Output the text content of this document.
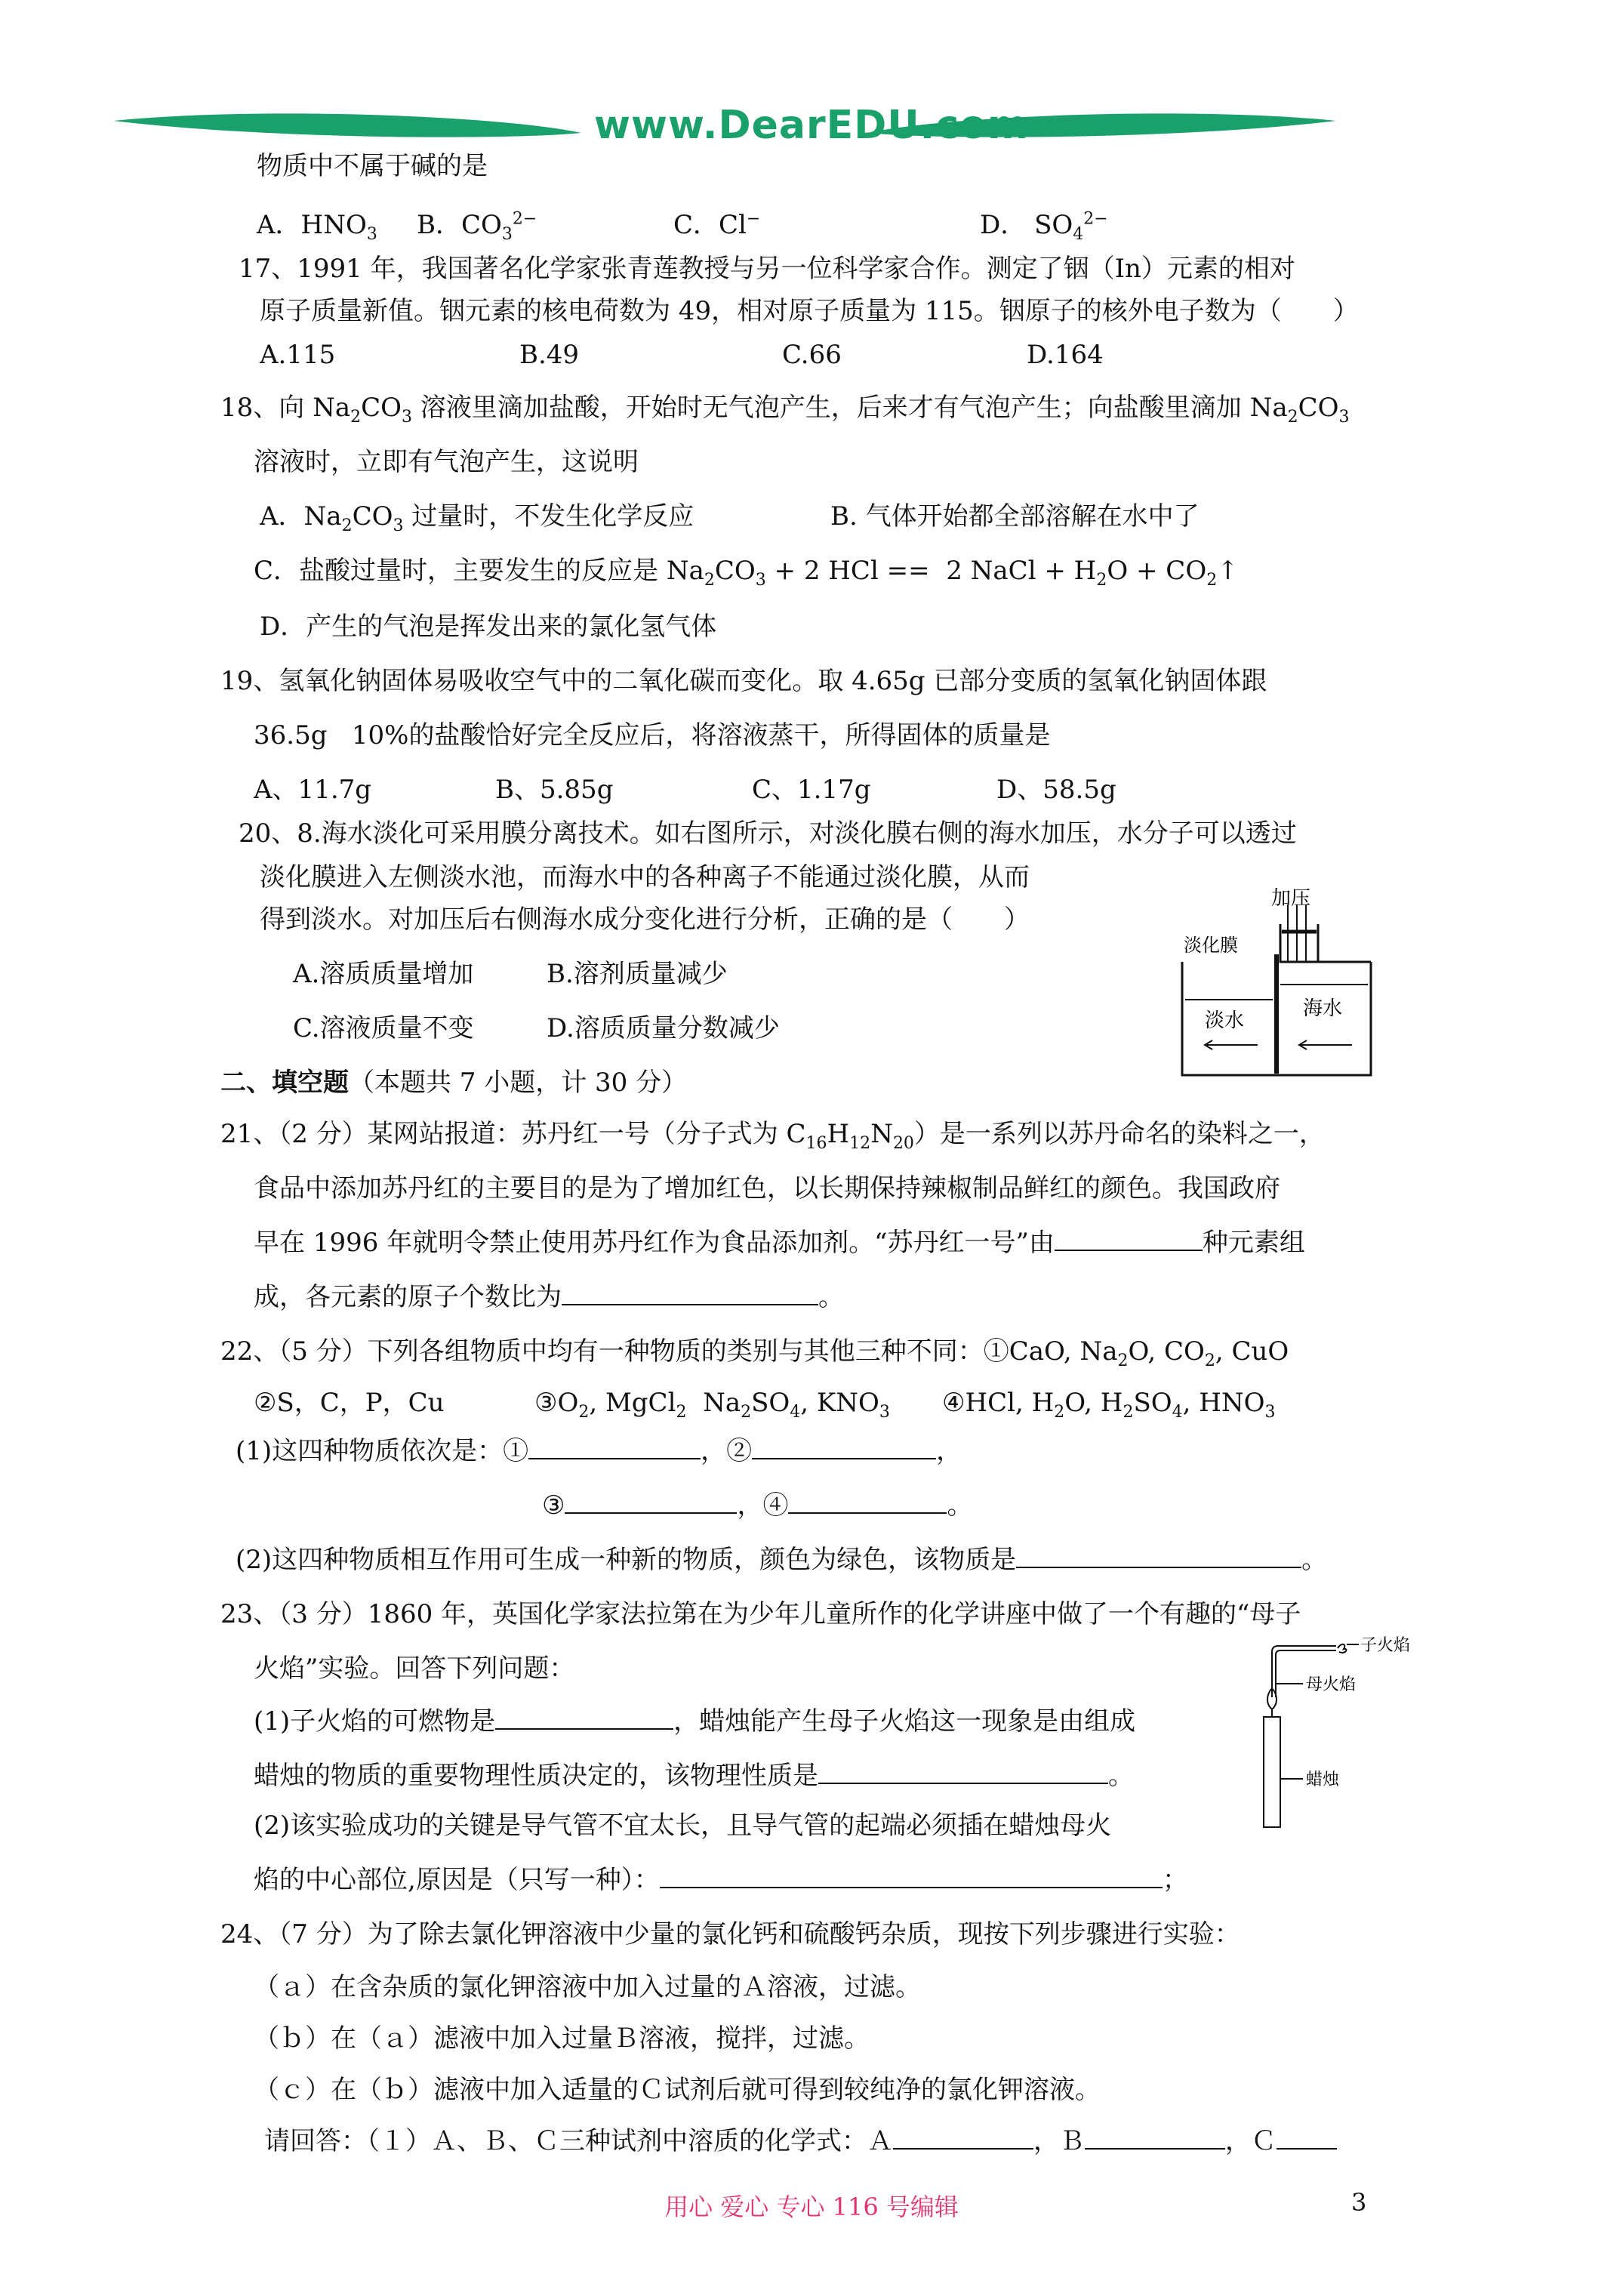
www.DearEDU.com
物质中不属于碱的是
A．$HNO_3$ B．$CO_3^{2-}$	C．Cl−	D． $SO_4^{2-}$
17、1991 年，我国著名化学家张青莲教授与另一位科学家合作。测定了铟（In）元素的相对
原子质量新值。铟元素的核电荷数为 49，相对原子质量为 115。铟原子的核外电子数为（　　）
A.115	B.49	C.66	D.164
18、向 $Na_2CO_3$ 溶液里滴加盐酸，开始时无气泡产生，后来才有气泡产生；向盐酸里滴加 $Na_2CO_3$
溶液时，立即有气泡产生，这说明
A．$Na_2CO_3$ 过量时，不发生化学反应	B. 气体开始都全部溶解在水中了
C．盐酸过量时，主要发生的反应是 $Na_2CO_3 + 2$ HCl ==  2 NaCl + $H_2O$ + $CO_2↑$
D．产生的气泡是挥发出来的氯化氢气体
19、氢氧化钠固体易吸收空气中的二氧化碳而变化。取 4.65g 已部分变质的氢氧化钠固体跟
36.5g   10%的盐酸恰好完全反应后，将溶液蒸干，所得固体的质量是
A、11.7g	B、5.85g	C、1.17g	D、58.5g
20、8.海水淡化可采用膜分离技术。如右图所示，对淡化膜右侧的海水加压，水分子可以透过
淡化膜进入左侧淡水池，而海水中的各种离子不能通过淡化膜，从而
得到淡水。对加压后右侧海水成分变化进行分析，正确的是（　　）
A.溶质质量增加	B.溶剂质量减少
C.溶液质量不变	D.溶质质量分数减少
加压
淡化膜
淡水
海水
二、填空题（本题共 7 小题，计 30 分）
21、（2 分）某网站报道：苏丹红一号（分子式为 $C_{16}H_{12}N_{20}$）是一系列以苏丹命名的染料之一，
食品中添加苏丹红的主要目的是为了增加红色，以长期保持辣椒制品鲜红的颜色。我国政府
早在 1996 年就明令禁止使用苏丹红作为食品添加剂。“苏丹红一号”由	种元素组
成，各元素的原子个数比为	。
22、（5 分）下列各组物质中均有一种物质的类别与其他三种不同：①CaO, $Na_2O$, $CO_2$, CuO
②S，C，P，Cu	$③O_2$, MgCl$_2$  $Na_2SO_4$, $KNO_3$ ④HCl, $H_2O$, $H_2SO_4$, $HNO_3$
(1)这四种物质依次是：①	，②	，
③	，④	。
(2)这四种物质相互作用可生成一种新的物质，颜色为绿色，该物质是	。
23、（3 分）1860 年，英国化学家法拉第在为少年儿童所作的化学讲座中做了一个有趣的“母子
火焰”实验。回答下列问题：
(1)子火焰的可燃物是	，蜡烛能产生母子火焰这一现象是由组成
蜡烛的物质的重要物理性质决定的，该物理性质是	。
(2)该实验成功的关键是导气管不宜太长，且导气管的起端必须插在蜡烛母火
焰的中心部位,原因是（只写一种）：	；
子火焰
母火焰
蜡烛
24、（7 分）为了除去氯化钾溶液中少量的氯化钙和硫酸钙杂质，现按下列步骤进行实验：
（ａ）在含杂质的氯化钾溶液中加入过量的Ａ溶液，过滤。
（ｂ）在（ａ）滤液中加入过量Ｂ溶液，搅拌，过滤。
（ｃ）在（ｂ）滤液中加入适量的Ｃ试剂后就可得到较纯净的氯化钾溶液。
请回答：（１）Ａ、Ｂ、Ｃ三种试剂中溶质的化学式：Ａ	，Ｂ	，Ｃ
用心 爱心 专心 116 号编辑	3
